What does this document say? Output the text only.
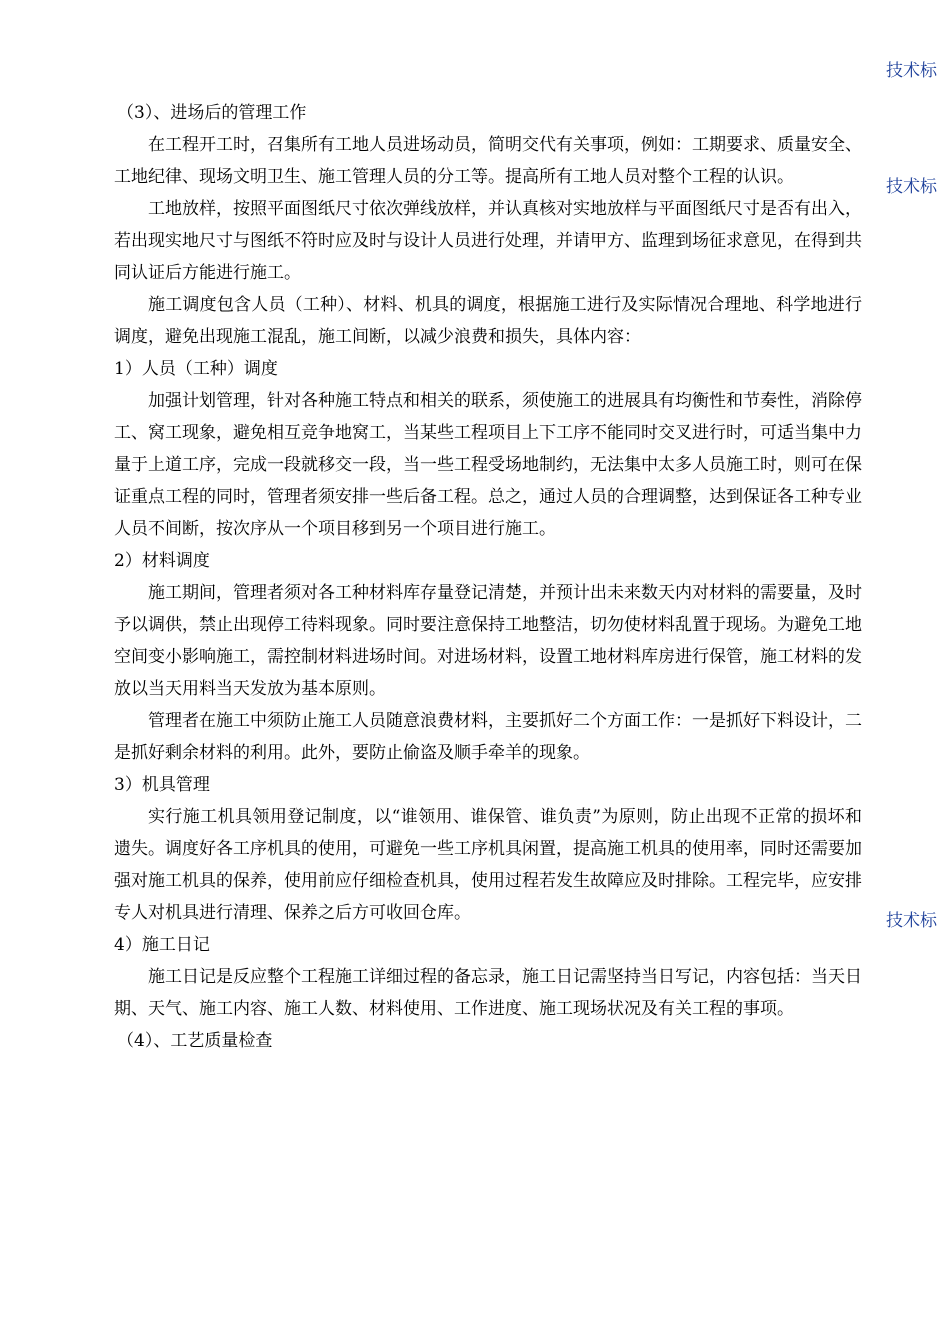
技术标
技术标
技术标

（3）、进场后的管理工作

在工程开工时，召集所有工地人员进场动员，简明交代有关事项，例如：工期要求、质量安全、工地纪律、现场文明卫生、施工管理人员的分工等。提高所有工地人员对整个工程的认识。

工地放样，按照平面图纸尺寸依次弹线放样，并认真核对实地放样与平面图纸尺寸是否有出入，若出现实地尺寸与图纸不符时应及时与设计人员进行处理，并请甲方、监理到场征求意见，在得到共同认证后方能进行施工。

施工调度包含人员（工种）、材料、机具的调度，根据施工进行及实际情况合理地、科学地进行调度，避免出现施工混乱，施工间断，以减少浪费和损失，具体内容：

1）人员（工种）调度

加强计划管理，针对各种施工特点和相关的联系，须使施工的进展具有均衡性和节奏性，消除停工、窝工现象，避免相互竞争地窝工，当某些工程项目上下工序不能同时交叉进行时，可适当集中力量于上道工序，完成一段就移交一段，当一些工程受场地制约，无法集中太多人员施工时，则可在保证重点工程的同时，管理者须安排一些后备工程。总之，通过人员的合理调整，达到保证各工种专业人员不间断，按次序从一个项目移到另一个项目进行施工。

2）材料调度

施工期间，管理者须对各工种材料库存量登记清楚，并预计出未来数天内对材料的需要量，及时予以调供，禁止出现停工待料现象。同时要注意保持工地整洁，切勿使材料乱置于现场。为避免工地空间变小影响施工，需控制材料进场时间。对进场材料，设置工地材料库房进行保管，施工材料的发放以当天用料当天发放为基本原则。

管理者在施工中须防止施工人员随意浪费材料，主要抓好二个方面工作：一是抓好下料设计，二是抓好剩余材料的利用。此外，要防止偷盗及顺手牵羊的现象。

3）机具管理

实行施工机具领用登记制度，以“谁领用、谁保管、谁负责”为原则，防止出现不正常的损坏和遗失。调度好各工序机具的使用，可避免一些工序机具闲置，提高施工机具的使用率，同时还需要加强对施工机具的保养，使用前应仔细检查机具，使用过程若发生故障应及时排除。工程完毕，应安排专人对机具进行清理、保养之后方可收回仓库。

4）施工日记

施工日记是反应整个工程施工详细过程的备忘录，施工日记需坚持当日写记，内容包括：当天日期、天气、施工内容、施工人数、材料使用、工作进度、施工现场状况及有关工程的事项。

（4）、工艺质量检查
